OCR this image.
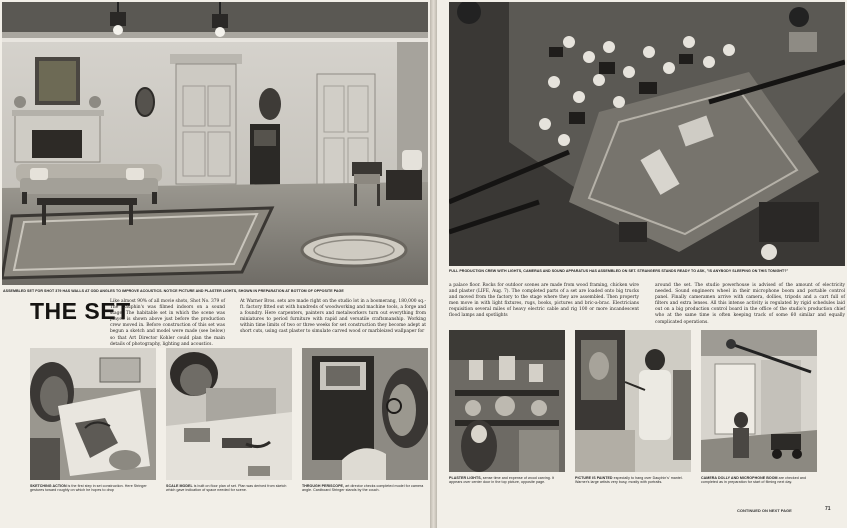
ASSEMBLED SET FOR SHOT 379 HAS WALLS AT ODD ANGLES TO IMPROVE ACOUSTICS. NOTICE PICTURE AND PLASTER LIGHTS, SHOWN IN PREPARATION AT BOTTOM OF OPPOSITE PAGE
THE SET
Like almost 90% of all movie shots, Shot No. 379 of The Dauphin's was filmed indoors on a sound stage. The habitable set in which the scene was played is shown above just before the production crew moved in. Before construction of this set was begun a sketch and model were made (see below) so that Art Director Kohler could plan the main details of photography, lighting and acoustics.
At Warner Bros. sets are made right on the studio lot in a boomerang, 180,000 sq.-ft. factory fitted out with hundreds of woodworking and machine tools, a forge and a foundry. Here carpenters, painters and metalworkers turn out everything from miniatures to period furniture with rapid and versatile craftsmanship. Working within time limits of two or three weeks for set construction they become adept at short cuts, using cast plaster to simulate carved wood or marbleized wallpaper for
SKETCHING ACTION is the first step in set construction. Here Stringer gestures toward roughly on which he hopes to drop
SCALE MODEL is built on floor plan of set. Plan was derived from sketch which gave indication of space needed for scene.
THROUGH PERISCOPE, art director checks completed model for camera angle. Cardboard Stringer stands by the couch.
FULL PRODUCTION CREW WITH LIGHTS, CAMERAS AND SOUND APPARATUS HAS ASSEMBLED ON SET. STRANGERS STANDS READY TO ASK, "IS ANYBODY SLEEPING ON THIS TONIGHT?"
a palace floor. Rocks for outdoor scenes are made from wood framing, chicken wire and plaster (LIFE, Aug. 7). The completed parts of a set are loaded onto big trucks and moved from the factory to the stage where they are assembled. Then property men move in with light fixtures, rugs, books, pictures and bric-a-brac. Electricians requisition several miles of heavy electric cable and rig 100 or more incandescent flood lamps and spotlights
around the set. The studio powerhouse is advised of the amount of electricity needed. Sound engineers wheel in their microphone boom and portable control panel. Finally cameramen arrive with camera, dollies, tripods and a cart full of filters and extra lenses. All this intense activity is regulated by rigid schedules laid out on a big production control board in the office of the studio's production chief who at the same time is often keeping track of some 60 similar and equally complicated operations.
PLASTER LIGHTS, sense time and expense of wood carving. It appears over center door in the top picture, opposite page.
PICTURE IS PAINTED especially to hang over Dauphin's' mantel. Warner's large artists very busy, mostly with portraits.
CAMERA DOLLY AND MICROPHONE BOOM are checked and completed as in preparation for start of filming next day.
CONTINUED ON NEXT PAGE	71
